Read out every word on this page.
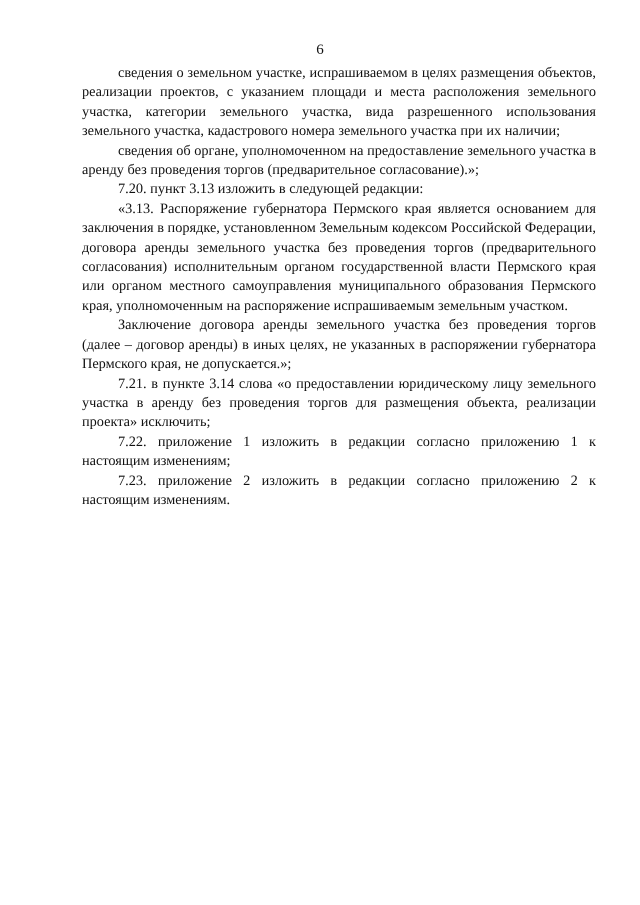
6

сведения о земельном участке, испрашиваемом в целях размещения объектов, реализации проектов, с указанием площади и места расположения земельного участка, категории земельного участка, вида разрешенного использования земельного участка, кадастрового номера земельного участка при их наличии;

сведения об органе, уполномоченном на предоставление земельного участка в аренду без проведения торгов (предварительное согласование).»;

7.20. пункт 3.13 изложить в следующей редакции:

«3.13. Распоряжение губернатора Пермского края является основанием для заключения в порядке, установленном Земельным кодексом Российской Федерации, договора аренды земельного участка без проведения торгов (предварительного согласования) исполнительным органом государственной власти Пермского края или органом местного самоуправления муниципального образования Пермского края, уполномоченным на распоряжение испрашиваемым земельным участком.

Заключение договора аренды земельного участка без проведения торгов (далее – договор аренды) в иных целях, не указанных в распоряжении губернатора Пермского края, не допускается.»;

7.21. в пункте 3.14 слова «о предоставлении юридическому лицу земельного участка в аренду без проведения торгов для размещения объекта, реализации проекта» исключить;

7.22. приложение 1 изложить в редакции согласно приложению 1 к настоящим изменениям;

7.23. приложение 2 изложить в редакции согласно приложению 2 к настоящим изменениям.
